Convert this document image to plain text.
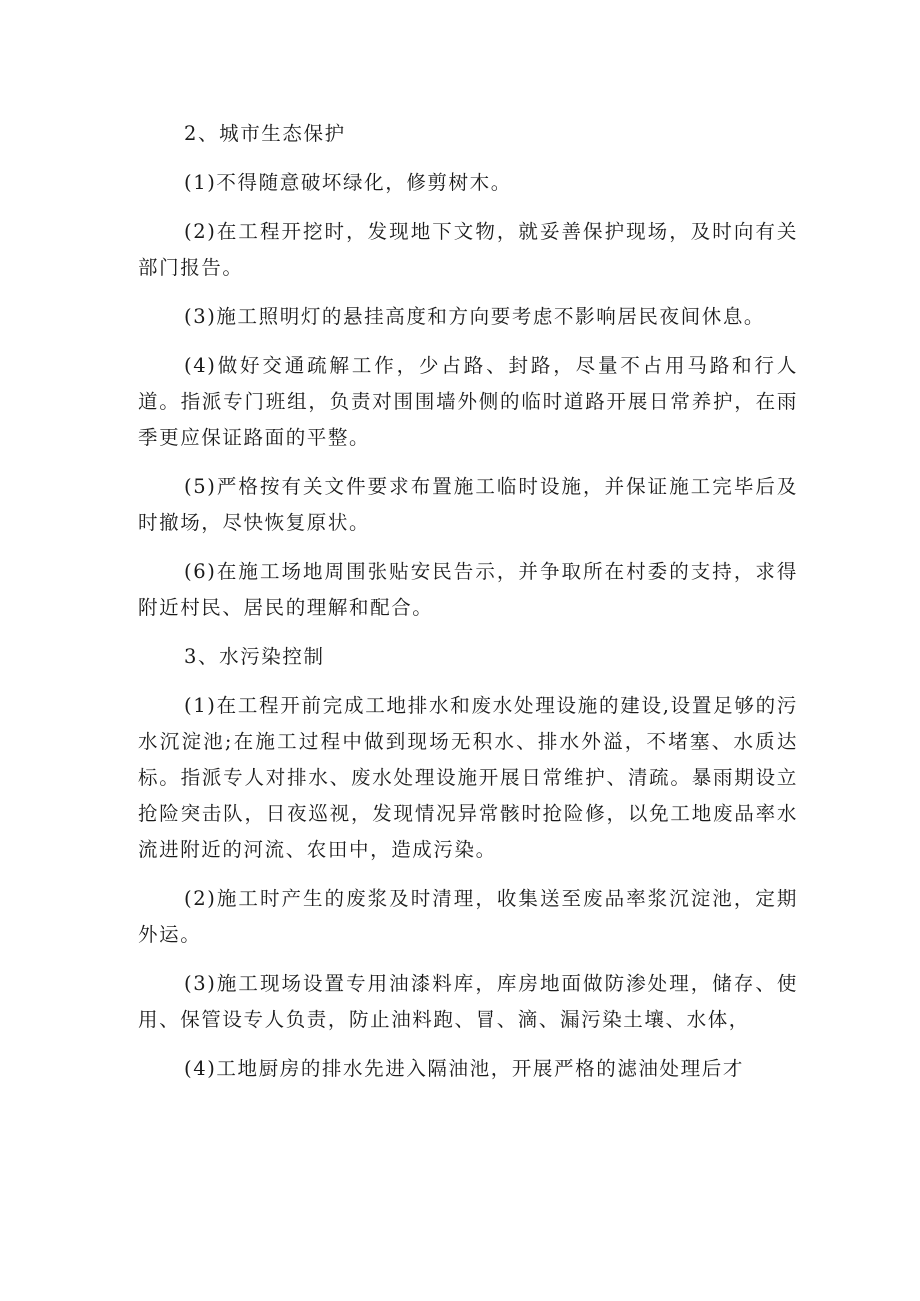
2、城市生态保护

(1)不得随意破坏绿化，修剪树木。

(2)在工程开挖时，发现地下文物，就妥善保护现场，及时向有关部门报告。

(3)施工照明灯的悬挂高度和方向要考虑不影响居民夜间休息。

(4)做好交通疏解工作，少占路、封路，尽量不占用马路和行人道。指派专门班组，负责对围围墙外侧的临时道路开展日常养护，在雨季更应保证路面的平整。

(5)严格按有关文件要求布置施工临时设施，并保证施工完毕后及时撤场，尽快恢复原状。

(6)在施工场地周围张贴安民告示，并争取所在村委的支持，求得附近村民、居民的理解和配合。

3、水污染控制

(1)在工程开前完成工地排水和废水处理设施的建设,设置足够的污水沉淀池;在施工过程中做到现场无积水、排水外溢，不堵塞、水质达标。指派专人对排水、废水处理设施开展日常维护、清疏。暴雨期设立抢险突击队，日夜巡视，发现情况异常骸时抢险修，以免工地废品率水流进附近的河流、农田中，造成污染。

(2)施工时产生的废浆及时清理，收集送至废品率浆沉淀池，定期外运。

(3)施工现场设置专用油漆料库，库房地面做防渗处理，储存、使用、保管设专人负责，防止油料跑、冒、滴、漏污染土壤、水体，

(4)工地厨房的排水先进入隔油池，开展严格的滤油处理后才
